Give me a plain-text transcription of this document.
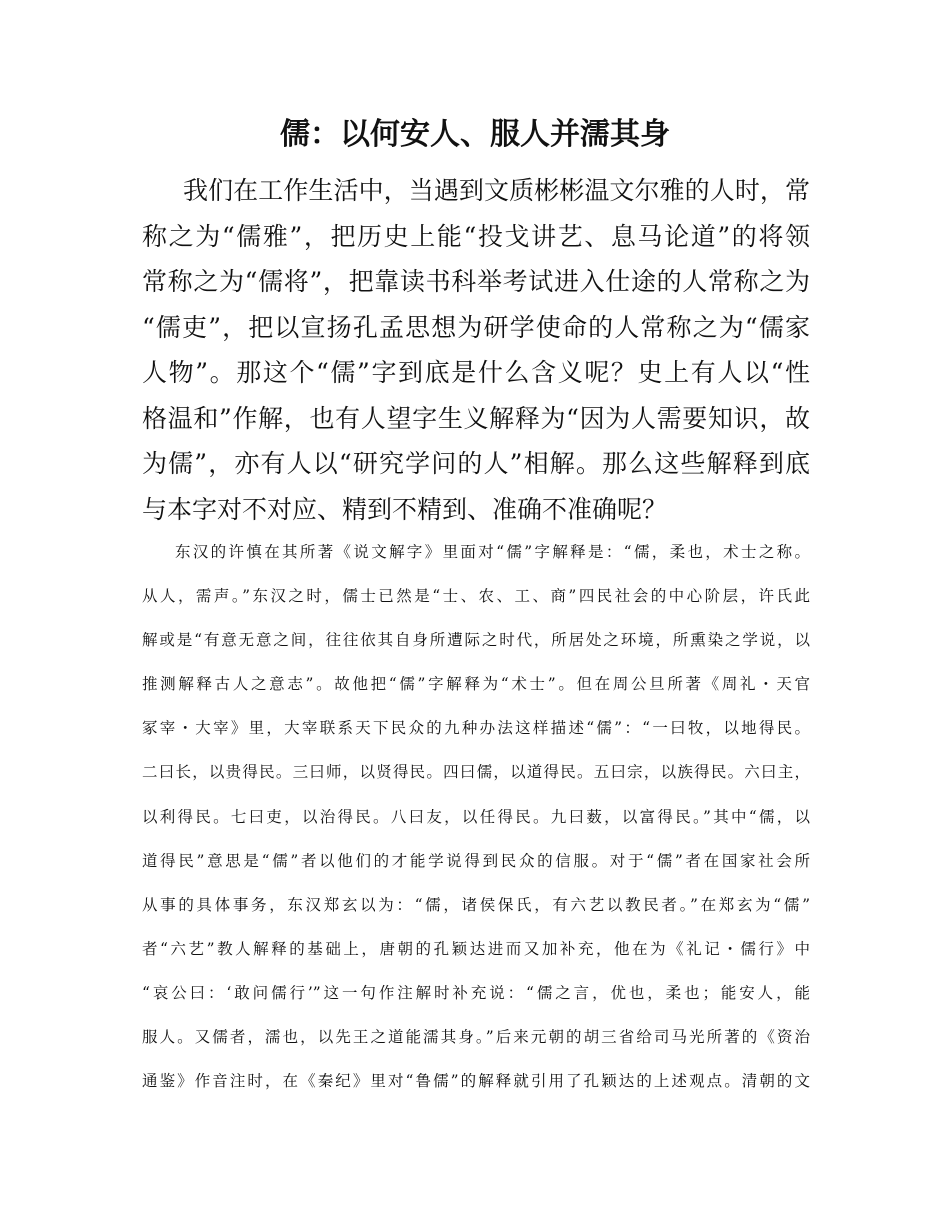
儒：以何安人、服人并濡其身
我们在工作生活中，当遇到文质彬彬温文尔雅的人时，常
称之为“儒雅”，把历史上能“投戈讲艺、息马论道”的将领
常称之为“儒将”，把靠读书科举考试进入仕途的人常称之为
“儒吏”，把以宣扬孔孟思想为研学使命的人常称之为“儒家
人物”。那这个“儒”字到底是什么含义呢？史上有人以“性
格温和”作解，也有人望字生义解释为“因为人需要知识，故
为儒”，亦有人以“研究学问的人”相解。那么这些解释到底
与本字对不对应、精到不精到、准确不准确呢？
东汉的许慎在其所著《说文解字》里面对“儒”字解释是：“儒，柔也，术士之称。
从人，需声。”东汉之时，儒士已然是“士、农、工、商”四民社会的中心阶层，许氏此
解或是“有意无意之间，往往依其自身所遭际之时代，所居处之环境，所熏染之学说，以
推测解释古人之意志”。故他把“儒”字解释为“术士”。但在周公旦所著《周礼・天官
冢宰・大宰》里，大宰联系天下民众的九种办法这样描述“儒”：“一曰牧，以地得民。
二曰长，以贵得民。三曰师，以贤得民。四曰儒，以道得民。五曰宗，以族得民。六曰主，
以利得民。七曰吏，以治得民。八曰友，以任得民。九曰薮，以富得民。”其中“儒，以
道得民”意思是“儒”者以他们的才能学说得到民众的信服。对于“儒”者在国家社会所
从事的具体事务，东汉郑玄以为：“儒，诸侯保氏，有六艺以教民者。”在郑玄为“儒”
者“六艺”教人解释的基础上，唐朝的孔颖达进而又加补充，他在为《礼记・儒行》中
“哀公曰：‘敢问儒行’”这一句作注解时补充说：“儒之言，优也，柔也；能安人，能
服人。又儒者，濡也，以先王之道能濡其身。”后来元朝的胡三省给司马光所著的《资治
通鉴》作音注时，在《秦纪》里对“鲁儒”的解释就引用了孔颖达的上述观点。清朝的文
